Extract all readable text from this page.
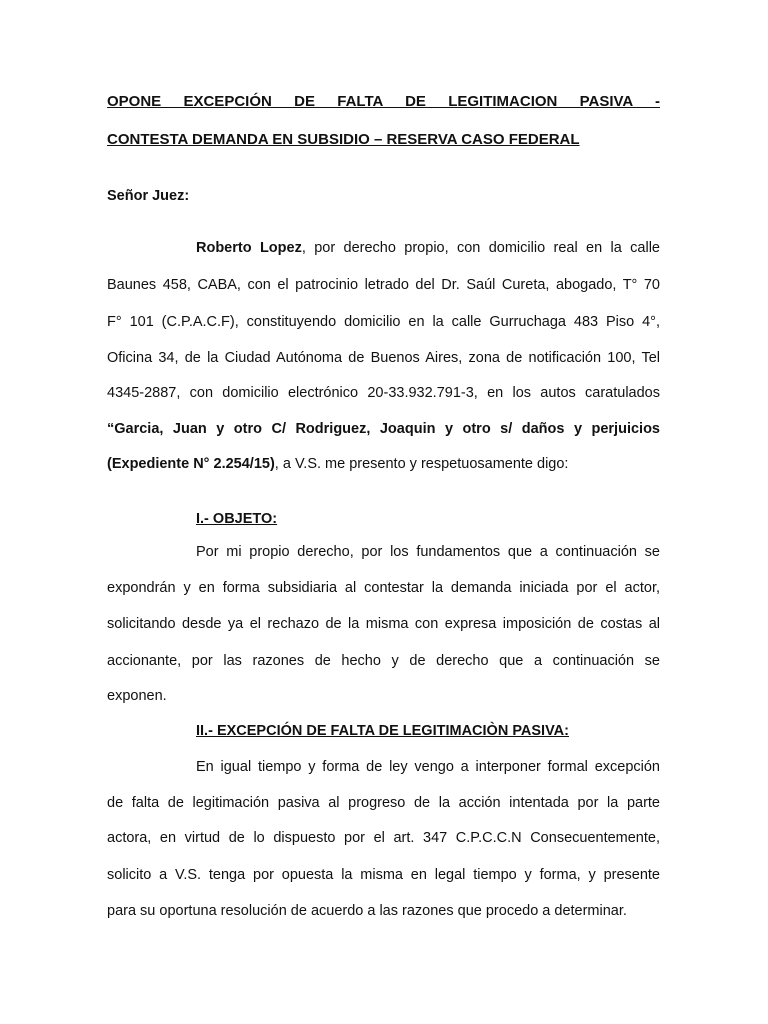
OPONE EXCEPCIÓN DE FALTA DE LEGITIMACION PASIVA -
CONTESTA DEMANDA EN SUBSIDIO – RESERVA CASO FEDERAL
Señor Juez:
Roberto Lopez, por derecho propio, con domicilio real en la calle
Baunes 458, CABA, con el patrocinio letrado del Dr. Saúl Cureta, abogado, T° 70
F° 101 (C.P.A.C.F), constituyendo domicilio en la calle Gurruchaga 483 Piso 4°,
Oficina 34, de la Ciudad Autónoma de Buenos Aires, zona de notificación 100, Tel
4345-2887, con domicilio electrónico 20-33.932.791-3, en los autos caratulados
“Garcia, Juan y otro C/ Rodriguez, Joaquin y otro s/ daños y perjuicios
(Expediente N° 2.254/15), a V.S. me presento y respetuosamente digo:
I.- OBJETO:
Por mi propio derecho, por los fundamentos que a continuación se
expondrán y en forma subsidiaria al contestar la demanda iniciada por el actor,
solicitando desde ya el rechazo de la misma con expresa imposición de costas al
accionante, por las razones de hecho y de derecho que a continuación se
exponen.
II.- EXCEPCIÓN DE FALTA DE LEGITIMACIÒN PASIVA:
En igual tiempo y forma de ley vengo a interponer formal excepción
de falta de legitimación pasiva al progreso de la acción intentada por la parte
actora, en virtud de lo dispuesto por el art. 347 C.P.C.C.N Consecuentemente,
solicito a V.S. tenga por opuesta la misma en legal tiempo y forma, y presente
para su oportuna resolución de acuerdo a las razones que procedo a determinar.
